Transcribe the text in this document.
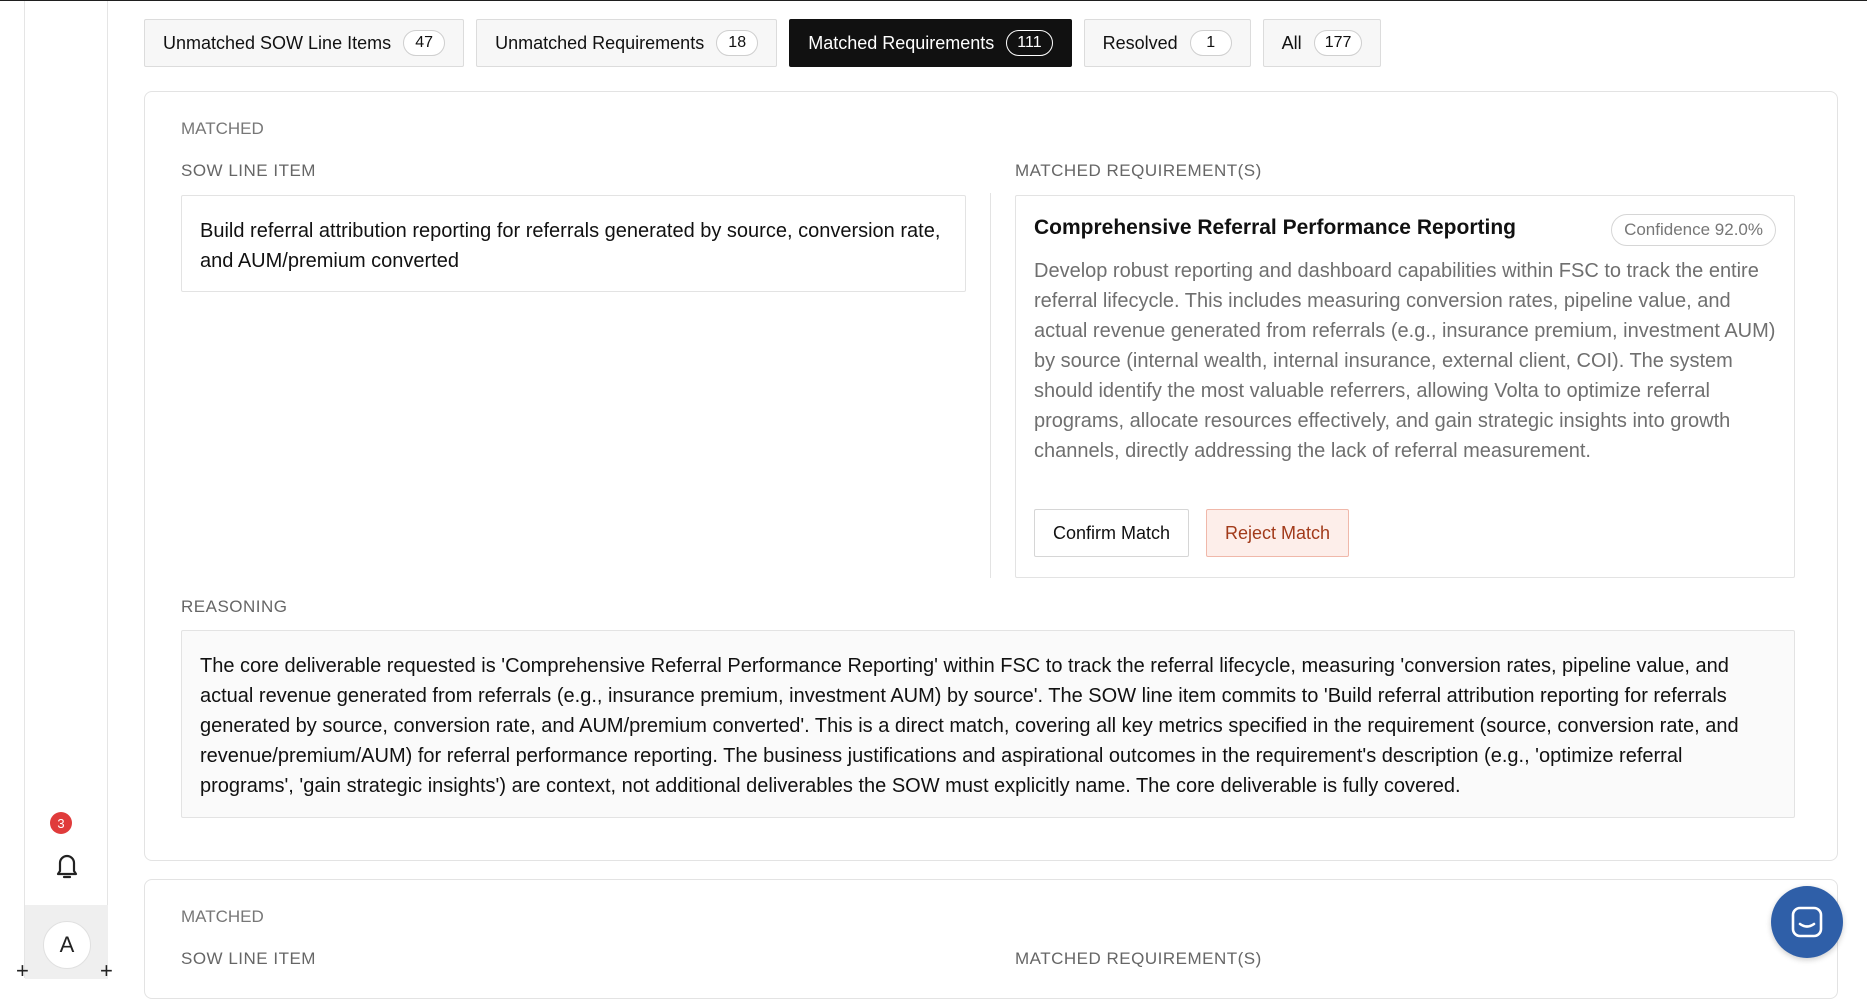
3
A
+	+
Unmatched SOW Line Items	47	Unmatched Requirements	18	Matched Requirements	111	Resolved	1	All	177
MATCHED
SOW LINE ITEM	MATCHED REQUIREMENT(S)
Build referral attribution reporting for referrals generated by source, conversion rate, and AUM/premium converted
Comprehensive Referral Performance Reporting	Confidence 92.0%
Develop robust reporting and dashboard capabilities within FSC to track the entire referral lifecycle. This includes measuring conversion rates, pipeline value, and actual revenue generated from referrals (e.g., insurance premium, investment AUM) by source (internal wealth, internal insurance, external client, COI). The system should identify the most valuable referrers, allowing Volta to optimize referral programs, allocate resources effectively, and gain strategic insights into growth channels, directly addressing the lack of referral measurement.
Confirm Match	Reject Match
REASONING
The core deliverable requested is 'Comprehensive Referral Performance Reporting' within FSC to track the referral lifecycle, measuring 'conversion rates, pipeline value, and actual revenue generated from referrals (e.g., insurance premium, investment AUM) by source'. The SOW line item commits to 'Build referral attribution reporting for referrals generated by source, conversion rate, and AUM/premium converted'. This is a direct match, covering all key metrics specified in the requirement (source, conversion rate, and revenue/premium/AUM) for referral performance reporting. The business justifications and aspirational outcomes in the requirement's description (e.g., 'optimize referral programs', 'gain strategic insights') are context, not additional deliverables the SOW must explicitly name. The core deliverable is fully covered.
MATCHED
SOW LINE ITEM	MATCHED REQUIREMENT(S)
